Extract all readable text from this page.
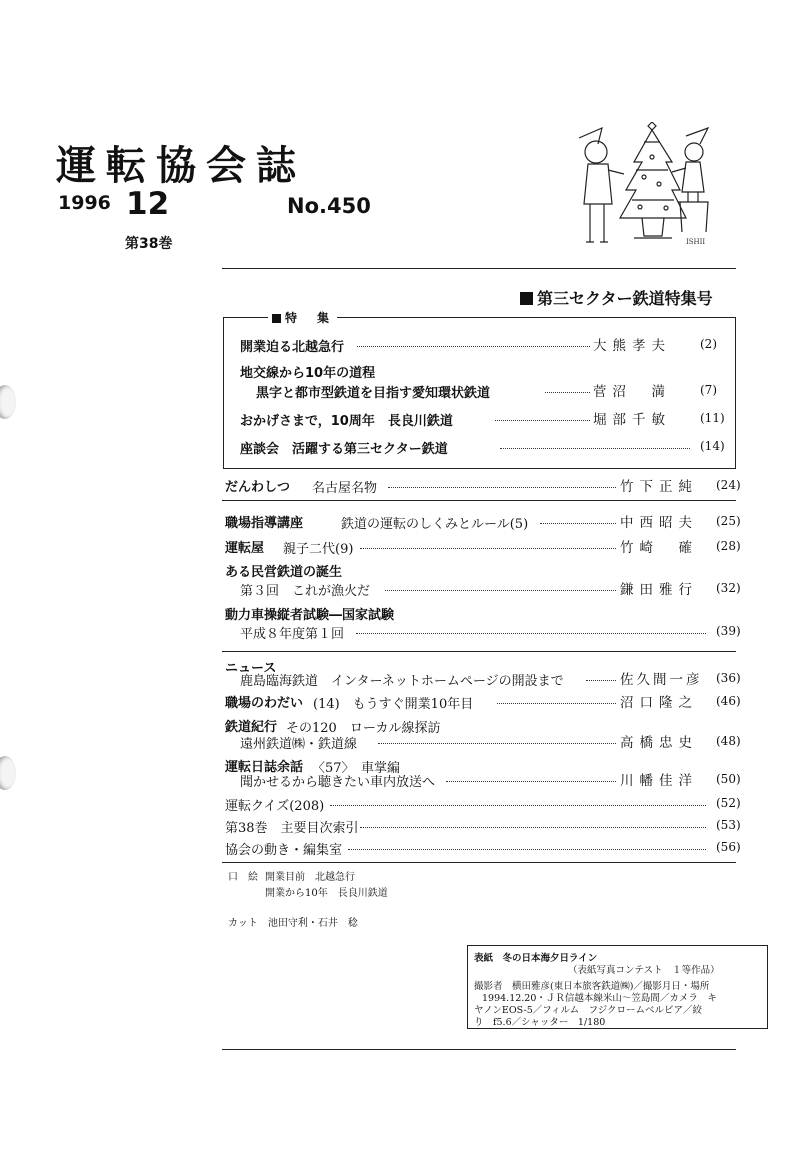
運転協会誌
1996 12
第38巻
No.450
ISHII
第三セクター鉄道特集号
特　集
開業迫る北越急行	大熊孝夫 (2)
地交線から10年の道程
黒字と都市型鉄道を目指す愛知環状鉄道	菅沼　満 (7)
おかげさまで，10周年　長良川鉄道	堀部千敏 (11)
座談会　活躍する第三セクター鉄道	(14)
だんわしつ 名古屋名物	竹下正純 (24)
職場指導講座	鉄道の運転のしくみとルール(5)	中西昭夫 (25)
運転屋 親子二代(9)	竹崎　確 (28)
ある民営鉄道の誕生
第３回　これが漁火だ	鎌田雅行 (32)
動力車操縦者試験―国家試験
平成８年度第１回	(39)
ニュース
鹿島臨海鉄道　インターネットホームページの開設まで	佐久間一彦 (36)
職場のわだい (14)　もうすぐ開業10年目	沼口隆之 (46)
鉄道紀行 その120　ローカル線探訪
遠州鉄道㈱・鉄道線	高橋忠史 (48)
運転日誌余話 〈57〉　車掌編
聞かせるから聴きたい車内放送へ	川幡佳洋 (50)
運転クイズ(208)	(52)
第38巻　主要目次索引	(53)
協会の動き・編集室	(56)
口　絵 開業目前　北越急行
開業から10年　長良川鉄道
カット　池田守利・石井　稔
表紙　 冬の日本海夕日ライン
（表紙写真コンテスト　１等作品）
撮影者　横田雅彦(東日本旅客鉄道㈱)／撮影月日・場所
1994.12.20・ＪＲ信越本線米山～笠島間／カメラ　キ
ヤノンEOS-5／フィルム　フジクロームベルビア／絞
り　f5.6／シャッター　1/180
